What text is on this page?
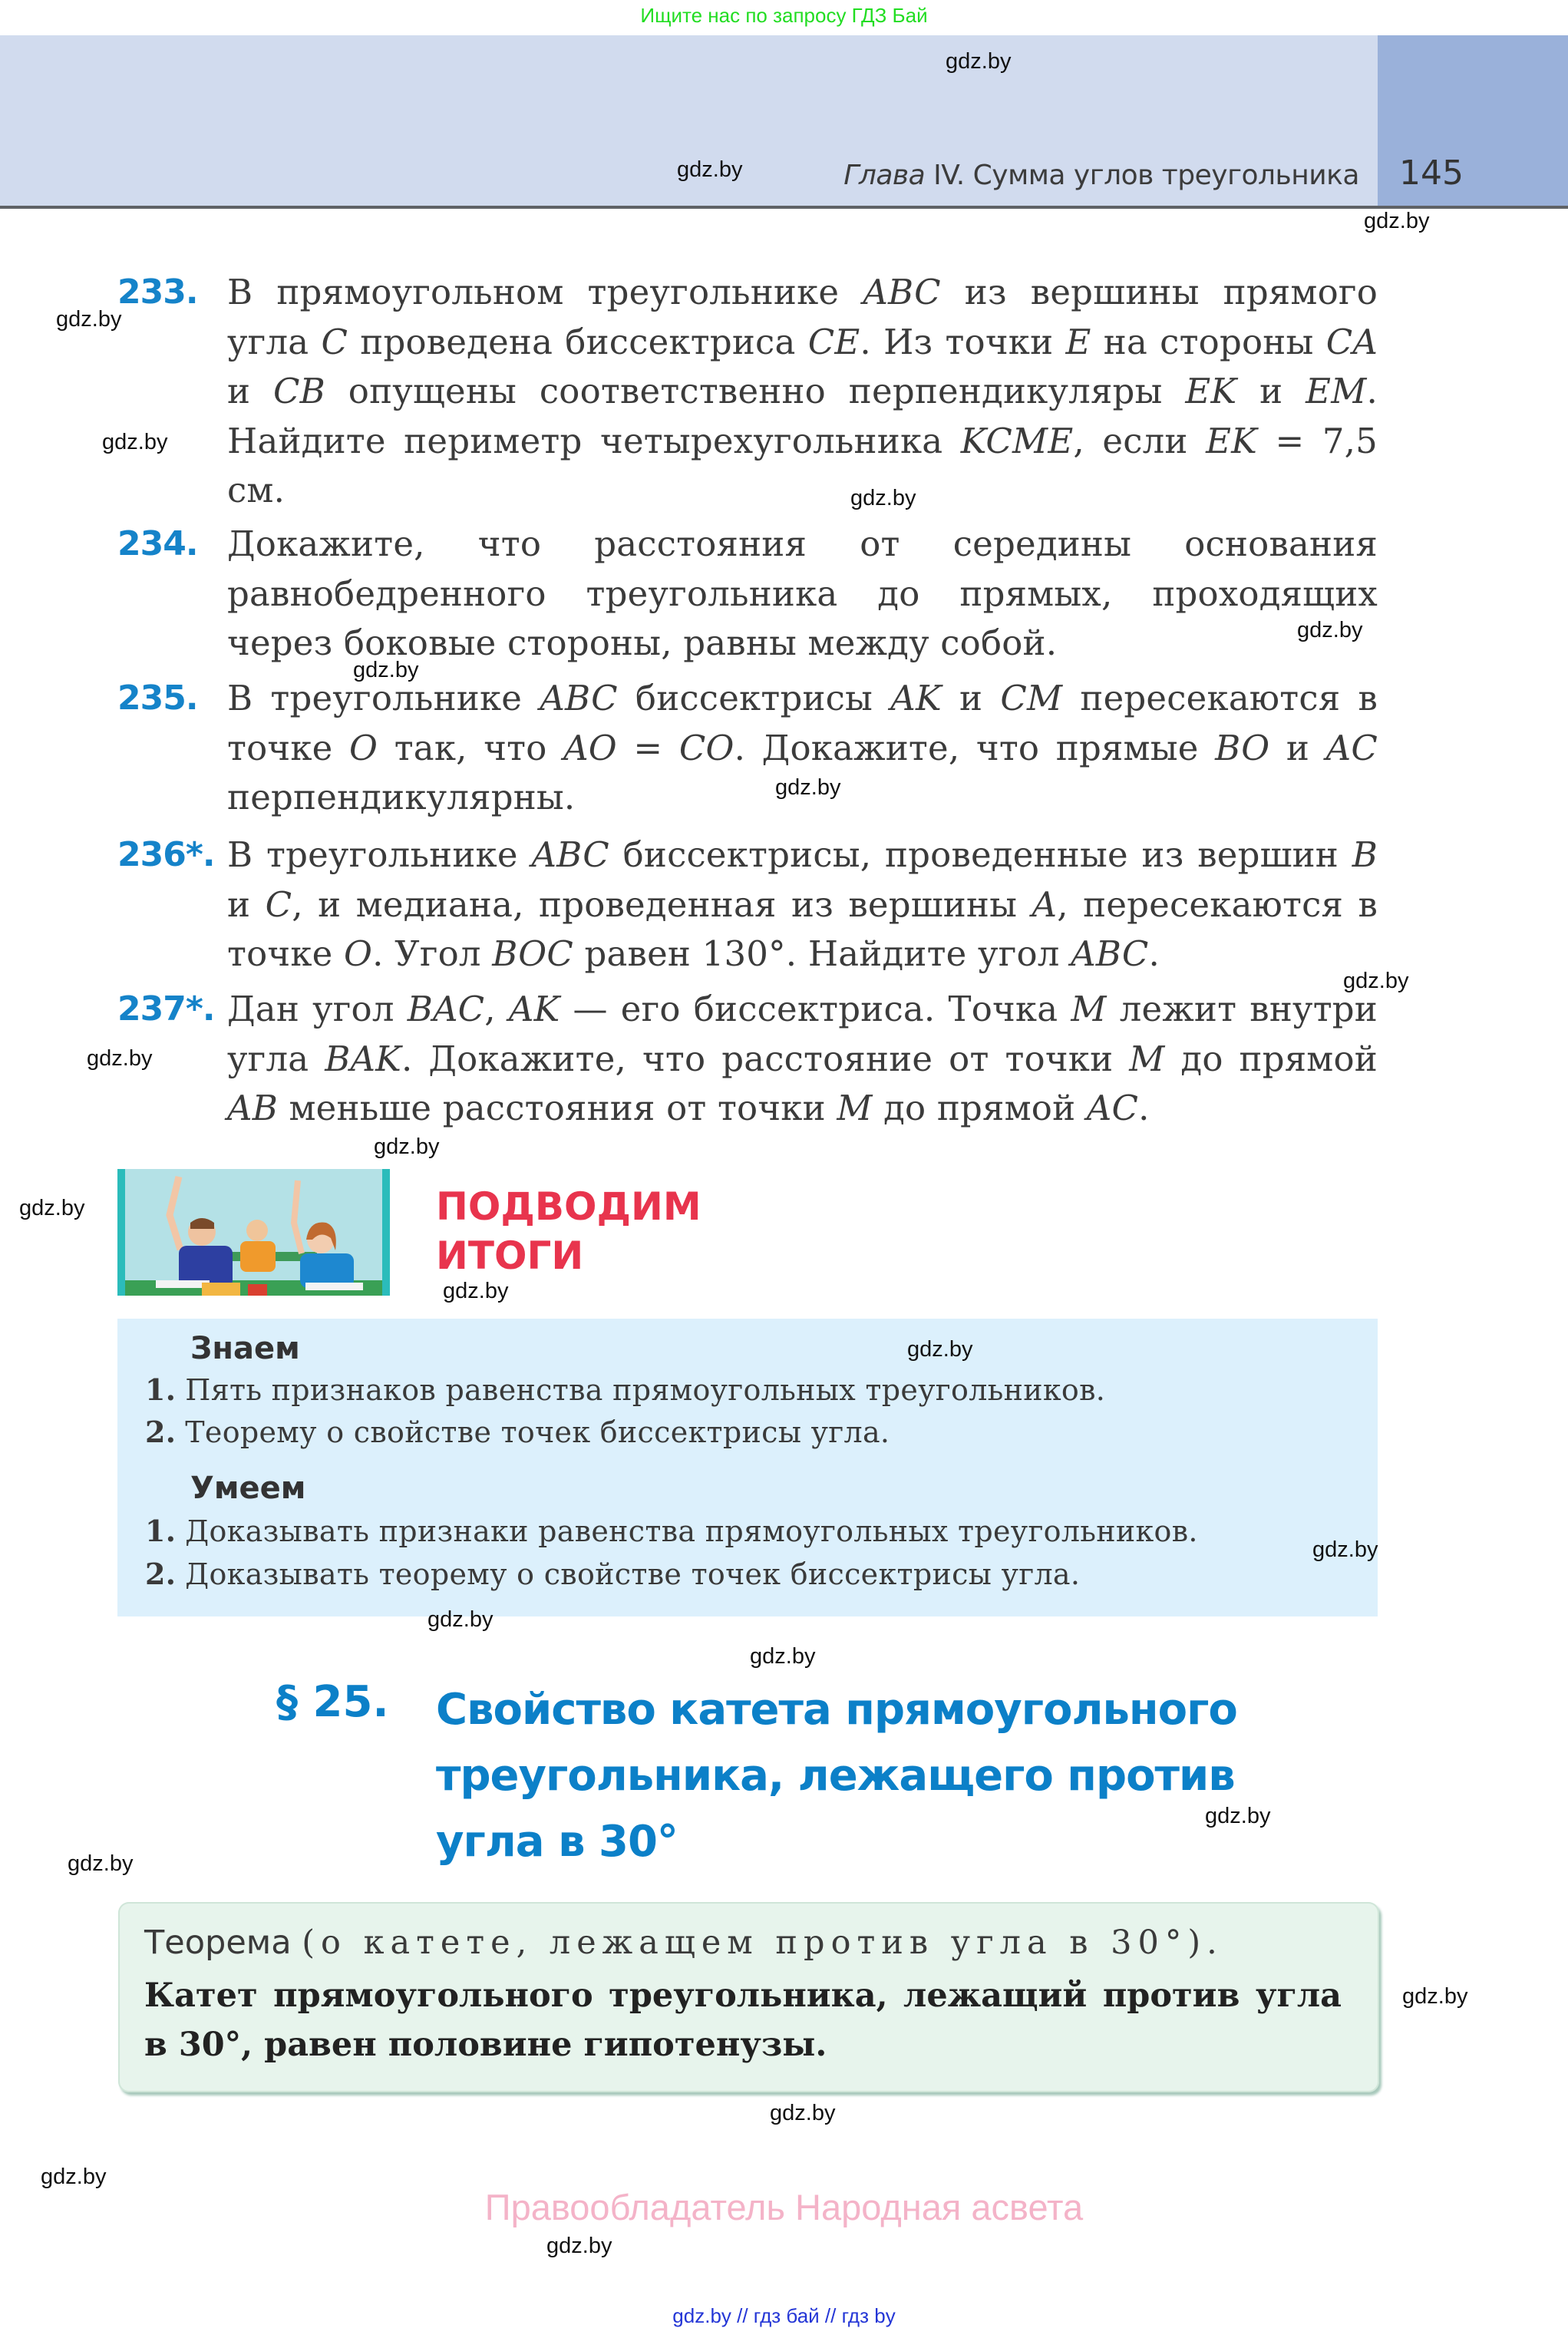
Ищите нас по запросу ГДЗ Бай
Глава IV. Сумма углов треугольника 145
233. В прямоугольном треугольнике ABC из вершины прямого угла C проведена биссектриса CE. Из точки E на стороны CA и CB опущены соответственно перпендикуляры EK и EM. Найдите периметр четырехугольника KCME, если EK = 7,5 см.
234. Докажите, что расстояния от середины основания равнобедренного треугольника до прямых, проходящих через боковые стороны, равны между собой.
235. В треугольнике ABC биссектрисы AK и CM пересекаются в точке O так, что AO = CO. Докажите, что прямые BO и AC перпендикулярны.
236*. В треугольнике ABC биссектрисы, проведенные из вершин B и C, и медиана, проведенная из вершины A, пересекаются в точке O. Угол BOC равен 130°. Найдите угол ABC.
237*. Дан угол BAC, AK — его биссектриса. Точка M лежит внутри угла BAK. Докажите, что расстояние от точки M до прямой AB меньше расстояния от точки M до прямой AC.
ПОДВОДИМ
ИТОГИ
Знаем
1. Пять признаков равенства прямоугольных треугольников.
2. Теорему о свойстве точек биссектрисы угла.
Умеем
1. Доказывать признаки равенства прямоугольных треугольников.
2. Доказывать теорему о свойстве точек биссектрисы угла.
§ 25. Свойство катета прямоугольного
треугольника, лежащего против
угла в 30°
Теорема (о катете, лежащем против угла в 30°).
Катет прямоугольного треугольника, лежащий против угла в 30°, равен половине гипотенузы.
Правообладатель Народная асвета
gdz.by // гдз бай // гдз by
gdz.by
gdz.by
gdz.by
gdz.by
gdz.by
gdz.by
gdz.by
gdz.by
gdz.by
gdz.by
gdz.by
gdz.by
gdz.by
gdz.by
gdz.by
gdz.by
gdz.by
gdz.by
gdz.by
gdz.by
gdz.by
gdz.by
gdz.by
gdz.by
